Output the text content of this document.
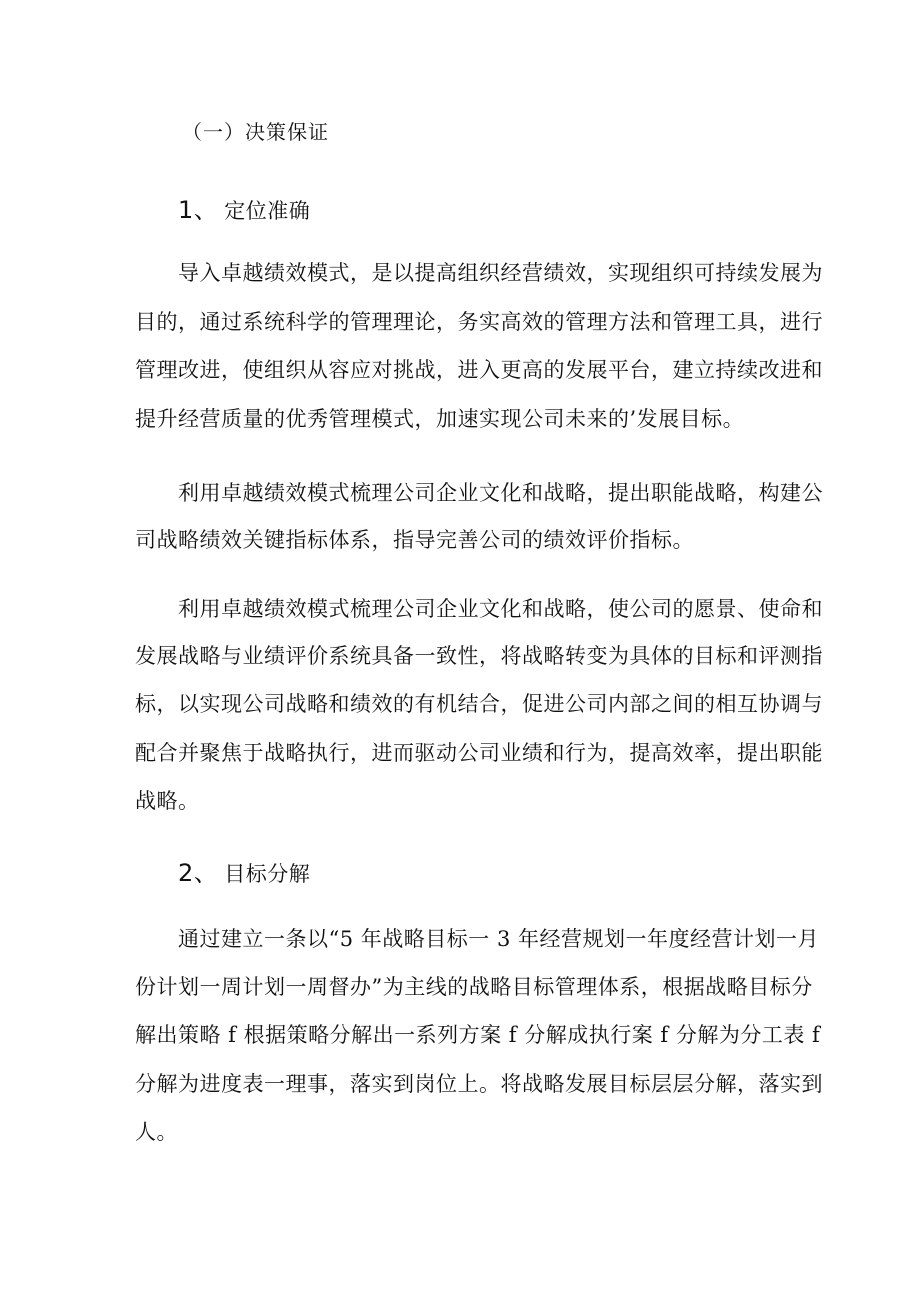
（一）决策保证
1、 定位准确
导入卓越绩效模式，是以提高组织经营绩效，实现组织可持续发展为
目的，通过系统科学的管理理论，务实高效的管理方法和管理工具，进行
管理改进，使组织从容应对挑战，进入更高的发展平台，建立持续改进和
提升经营质量的优秀管理模式，加速实现公司未来的’发展目标。
利用卓越绩效模式梳理公司企业文化和战略，提出职能战略，构建公
司战略绩效关键指标体系，指导完善公司的绩效评价指标。
利用卓越绩效模式梳理公司企业文化和战略，使公司的愿景、使命和
发展战略与业绩评价系统具备一致性，将战略转变为具体的目标和评测指
标，以实现公司战略和绩效的有机结合，促进公司内部之间的相互协调与
配合并聚焦于战略执行，进而驱动公司业绩和行为，提高效率，提出职能
战略。
2、 目标分解
通过建立一条以“5 年战略目标一 3 年经营规划一年度经营计划一月
份计划一周计划一周督办”为主线的战略目标管理体系，根据战略目标分
解出策略 f 根据策略分解出一系列方案 f 分解成执行案 f 分解为分工表 f
分解为进度表一理事，落实到岗位上。将战略发展目标层层分解，落实到
人。
